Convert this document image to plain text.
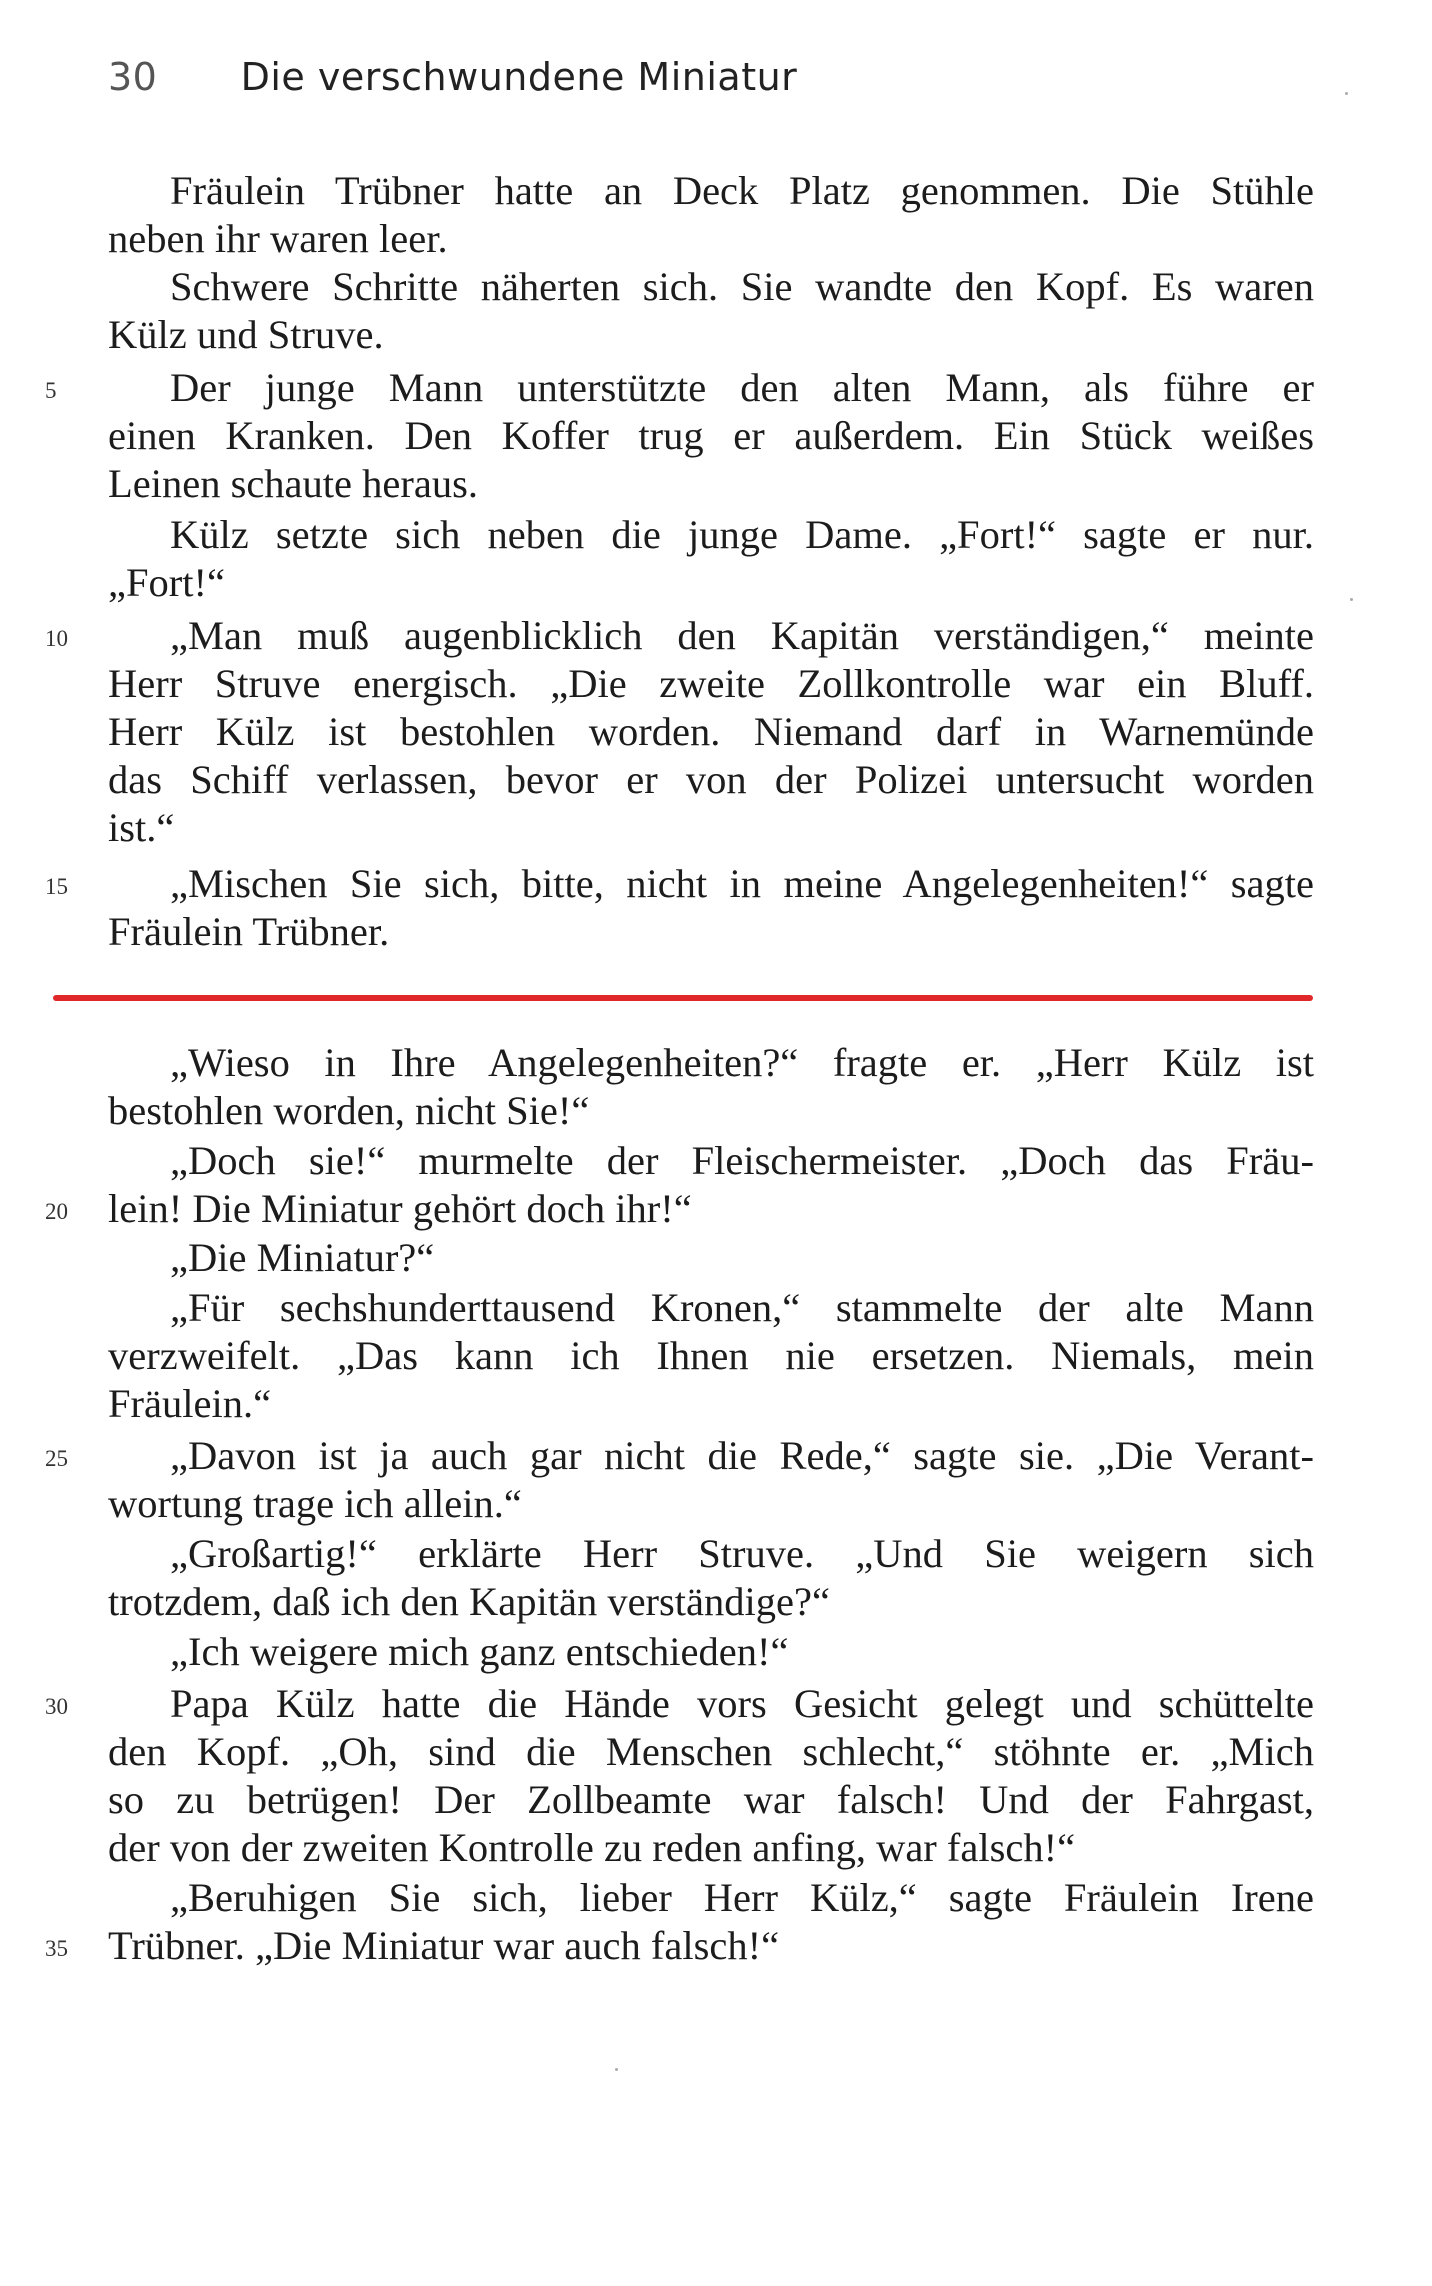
30 Die verschwundene Miniatur
Fräulein Trübner hatte an Deck Platz genommen. Die Stühle
neben ihr waren leer.
Schwere Schritte näherten sich. Sie wandte den Kopf. Es waren
Külz und Struve.
Der junge Mann unterstützte den alten Mann, als führe er
einen Kranken. Den Koffer trug er außerdem. Ein Stück weißes
Leinen schaute heraus.
Külz setzte sich neben die junge Dame. „Fort!“ sagte er nur.
„Fort!“
„Man muß augenblicklich den Kapitän verständigen,“ meinte
Herr Struve energisch. „Die zweite Zollkontrolle war ein Bluff.
Herr Külz ist bestohlen worden. Niemand darf in Warnemünde
das Schiff verlassen, bevor er von der Polizei untersucht worden
ist.“
„Mischen Sie sich, bitte, nicht in meine Angelegenheiten!“ sagte
Fräulein Trübner.
„Wieso in Ihre Angelegenheiten?“ fragte er. „Herr Külz ist
bestohlen worden, nicht Sie!“
„Doch sie!“ murmelte der Fleischermeister. „Doch das Fräu-
lein! Die Miniatur gehört doch ihr!“
„Die Miniatur?“
„Für sechshunderttausend Kronen,“ stammelte der alte Mann
verzweifelt. „Das kann ich Ihnen nie ersetzen. Niemals, mein
Fräulein.“
„Davon ist ja auch gar nicht die Rede,“ sagte sie. „Die Verant-
wortung trage ich allein.“
„Großartig!“ erklärte Herr Struve. „Und Sie weigern sich
trotzdem, daß ich den Kapitän verständige?“
„Ich weigere mich ganz entschieden!“
Papa Külz hatte die Hände vors Gesicht gelegt und schüttelte
den Kopf. „Oh, sind die Menschen schlecht,“ stöhnte er. „Mich
so zu betrügen! Der Zollbeamte war falsch! Und der Fahrgast,
der von der zweiten Kontrolle zu reden anfing, war falsch!“
„Beruhigen Sie sich, lieber Herr Külz,“ sagte Fräulein Irene
Trübner. „Die Miniatur war auch falsch!“
5
10
15
20
25
30
35
